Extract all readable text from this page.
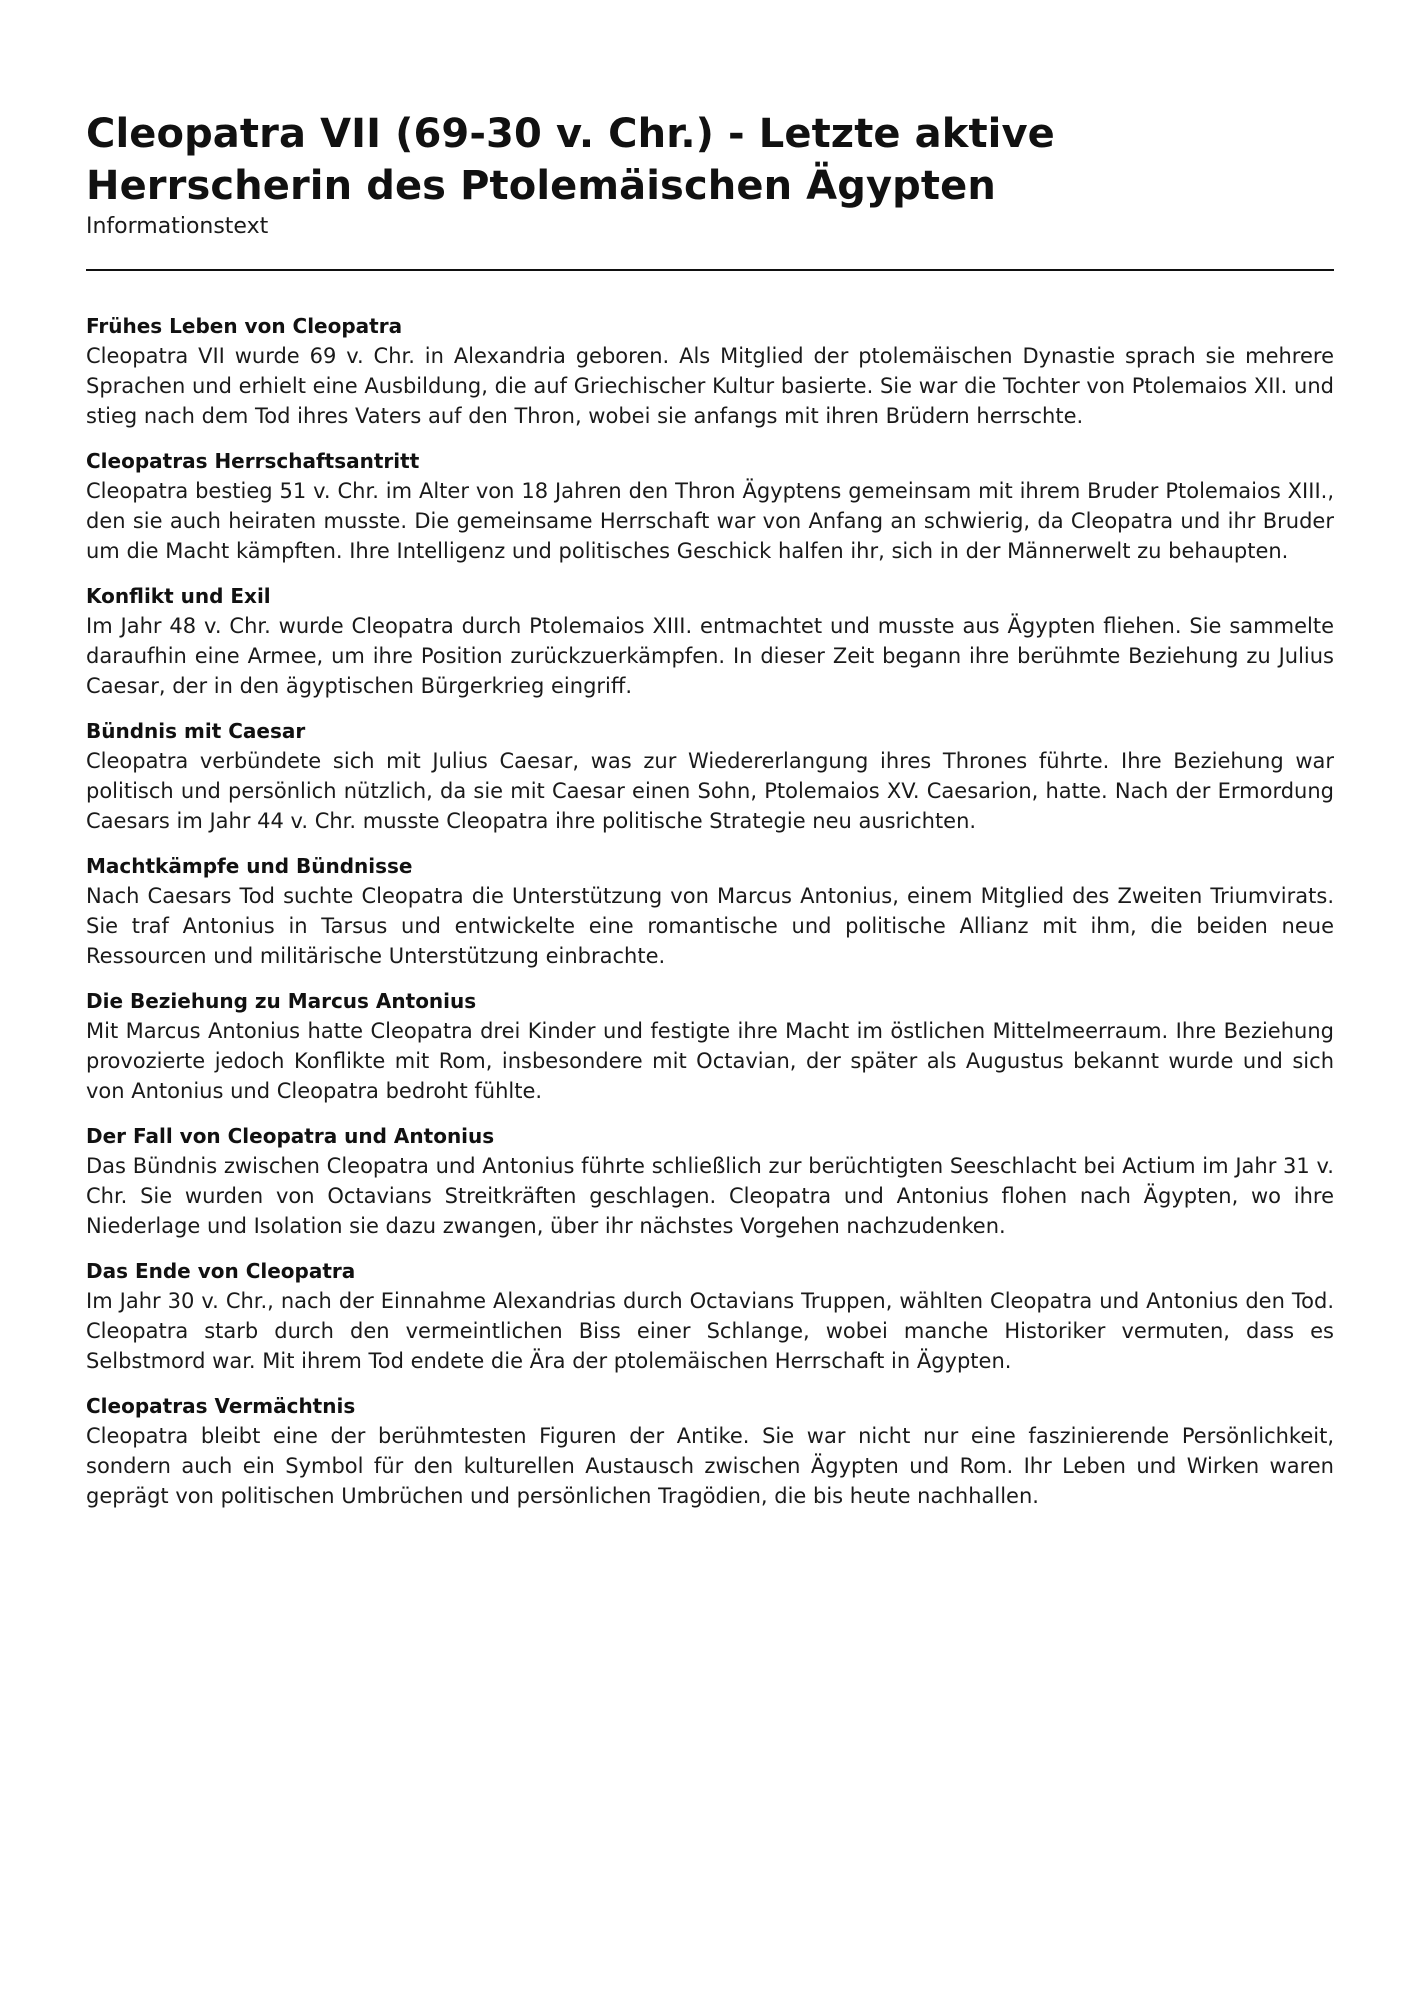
Cleopatra VII (69-30 v. Chr.) - Letzte aktive Herrscherin des Ptolemäischen Ägypten

Informationstext

Frühes Leben von Cleopatra

Cleopatra VII wurde 69 v. Chr. in Alexandria geboren. Als Mitglied der ptolemäischen Dynastie sprach sie mehrere Sprachen und erhielt eine Ausbildung, die auf Griechischer Kultur basierte. Sie war die Tochter von Ptolemaios XII. und stieg nach dem Tod ihres Vaters auf den Thron, wobei sie anfangs mit ihren Brüdern herrschte.

Cleopatras Herrschaftsantritt

Cleopatra bestieg 51 v. Chr. im Alter von 18 Jahren den Thron Ägyptens gemeinsam mit ihrem Bruder Ptolemaios XIII., den sie auch heiraten musste. Die gemeinsame Herrschaft war von Anfang an schwierig, da Cleopatra und ihr Bruder um die Macht kämpften. Ihre Intelligenz und politisches Geschick halfen ihr, sich in der Männerwelt zu behaupten.

Konflikt und Exil

Im Jahr 48 v. Chr. wurde Cleopatra durch Ptolemaios XIII. entmachtet und musste aus Ägypten fliehen. Sie sammelte daraufhin eine Armee, um ihre Position zurückzuerkämpfen. In dieser Zeit begann ihre berühmte Beziehung zu Julius Caesar, der in den ägyptischen Bürgerkrieg eingriff.

Bündnis mit Caesar

Cleopatra verbündete sich mit Julius Caesar, was zur Wiedererlangung ihres Thrones führte. Ihre Beziehung war politisch und persönlich nützlich, da sie mit Caesar einen Sohn, Ptolemaios XV. Caesarion, hatte. Nach der Ermordung Caesars im Jahr 44 v. Chr. musste Cleopatra ihre politische Strategie neu ausrichten.

Machtkämpfe und Bündnisse

Nach Caesars Tod suchte Cleopatra die Unterstützung von Marcus Antonius, einem Mitglied des Zweiten Triumvirats. Sie traf Antonius in Tarsus und entwickelte eine romantische und politische Allianz mit ihm, die beiden neue Ressourcen und militärische Unterstützung einbrachte.

Die Beziehung zu Marcus Antonius

Mit Marcus Antonius hatte Cleopatra drei Kinder und festigte ihre Macht im östlichen Mittelmeerraum. Ihre Beziehung provozierte jedoch Konflikte mit Rom, insbesondere mit Octavian, der später als Augustus bekannt wurde und sich von Antonius und Cleopatra bedroht fühlte.

Der Fall von Cleopatra und Antonius

Das Bündnis zwischen Cleopatra und Antonius führte schließlich zur berüchtigten Seeschlacht bei Actium im Jahr 31 v. Chr. Sie wurden von Octavians Streitkräften geschlagen. Cleopatra und Antonius flohen nach Ägypten, wo ihre Niederlage und Isolation sie dazu zwangen, über ihr nächstes Vorgehen nachzudenken.

Das Ende von Cleopatra

Im Jahr 30 v. Chr., nach der Einnahme Alexandrias durch Octavians Truppen, wählten Cleopatra und Antonius den Tod. Cleopatra starb durch den vermeintlichen Biss einer Schlange, wobei manche Historiker vermuten, dass es Selbstmord war. Mit ihrem Tod endete die Ära der ptolemäischen Herrschaft in Ägypten.

Cleopatras Vermächtnis

Cleopatra bleibt eine der berühmtesten Figuren der Antike. Sie war nicht nur eine faszinierende Persönlichkeit, sondern auch ein Symbol für den kulturellen Austausch zwischen Ägypten und Rom. Ihr Leben und Wirken waren geprägt von politischen Umbrüchen und persönlichen Tragödien, die bis heute nachhallen.
